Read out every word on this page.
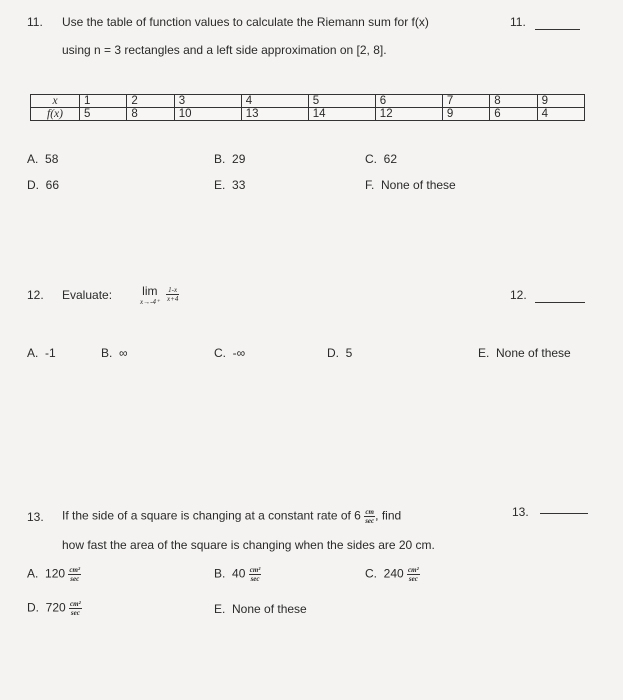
11. Use the table of function values to calculate the Riemann sum for f(x)
using n = 3 rectangles and a left side approximation on [2, 8].
11.
x	1	2	3	4	5	6	7	8	9
f(x)	5	8	10	13	14	12	9	6	4
A. 58	B. 29	C. 62
D. 66	E. 33	F. None of these
12. Evaluate:	lim
x→-4⁺
$\frac{1-x}{x+4}$	12.
A. -1	B. ∞	C. -∞	D. 5	E. None of these
13. If the side of a square is changing at a constant rate of $6 \frac{cm}{\sec}$ , find
how fast the area of the square is changing when the sides are 20 cm.
13.
A. $120 \frac{\text{cm²}}{\sec}$	B. $40 \frac{\text{cm²}}{\sec}$	C. $240 \frac{\text{cm²}}{\sec}$
D. $720 \frac{\text{cm²}}{\sec}$	E. None of these
